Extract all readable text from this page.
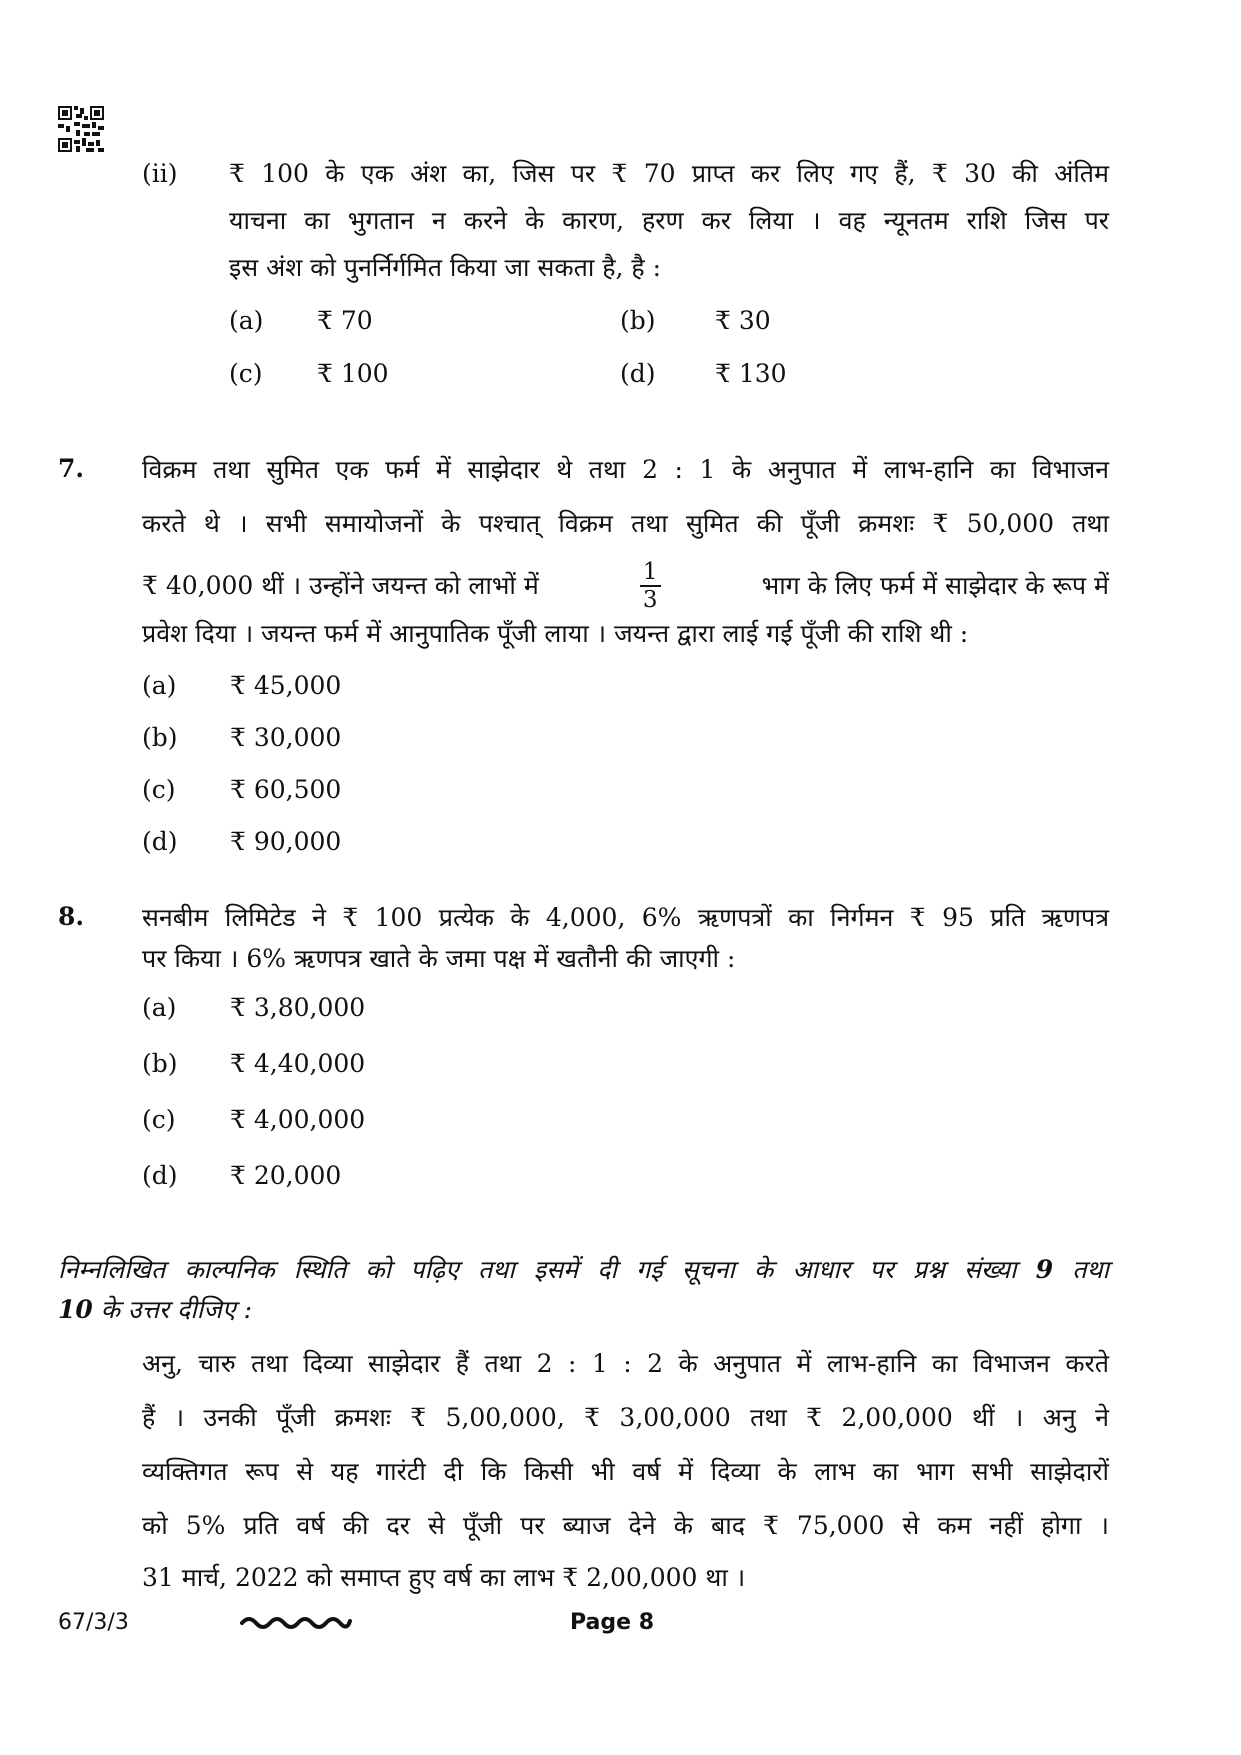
(ii) ₹ 100 के एक अंश का, जिस पर ₹ 70 प्राप्त कर लिए गए हैं, ₹ 30 की अंतिम
याचना का भुगतान न करने के कारण, हरण कर लिया । वह न्यूनतम राशि जिस पर
इस अंश को पुनर्निर्गमित किया जा सकता है, है :
(a) ₹ 70	(b) ₹ 30
(c) ₹ 100	(d) ₹ 130
7. विक्रम तथा सुमित एक फर्म में साझेदार थे तथा 2 : 1 के अनुपात में लाभ-हानि का विभाजन
करते थे । सभी समायोजनों के पश्चात् विक्रम तथा सुमित की पूँजी क्रमशः ₹ 50,000 तथा
₹ 40,000 थीं । उन्होंने जयन्त को लाभों में	$\frac{1}{3}$	भाग के लिए फर्म में साझेदार के रूप में
प्रवेश दिया । जयन्त फर्म में आनुपातिक पूँजी लाया । जयन्त द्वारा लाई गई पूँजी की राशि थी :
(a) ₹ 45,000
(b) ₹ 30,000
(c) ₹ 60,500
(d) ₹ 90,000
8. सनबीम लिमिटेड ने ₹ 100 प्रत्येक के 4,000, 6% ऋणपत्रों का निर्गमन ₹ 95 प्रति ऋणपत्र
पर किया । 6% ऋणपत्र खाते के जमा पक्ष में खतौनी की जाएगी :
(a) ₹ 3,80,000
(b) ₹ 4,40,000
(c) ₹ 4,00,000
(d) ₹ 20,000
निम्नलिखित काल्पनिक स्थिति को पढ़िए तथा इसमें दी गई सूचना के आधार पर प्रश्न संख्या 9 तथा
10 के उत्तर दीजिए :
अनु, चारु तथा दिव्या साझेदार हैं तथा 2 : 1 : 2 के अनुपात में लाभ-हानि का विभाजन करते
हैं । उनकी पूँजी क्रमशः ₹ 5,00,000, ₹ 3,00,000 तथा ₹ 2,00,000 थीं । अनु ने
व्यक्तिगत रूप से यह गारंटी दी कि किसी भी वर्ष में दिव्या के लाभ का भाग सभी साझेदारों
को 5% प्रति वर्ष की दर से पूँजी पर ब्याज देने के बाद ₹ 75,000 से कम नहीं होगा ।
31 मार्च, 2022 को समाप्त हुए वर्ष का लाभ ₹ 2,00,000 था ।
67/3/3	Page 8
